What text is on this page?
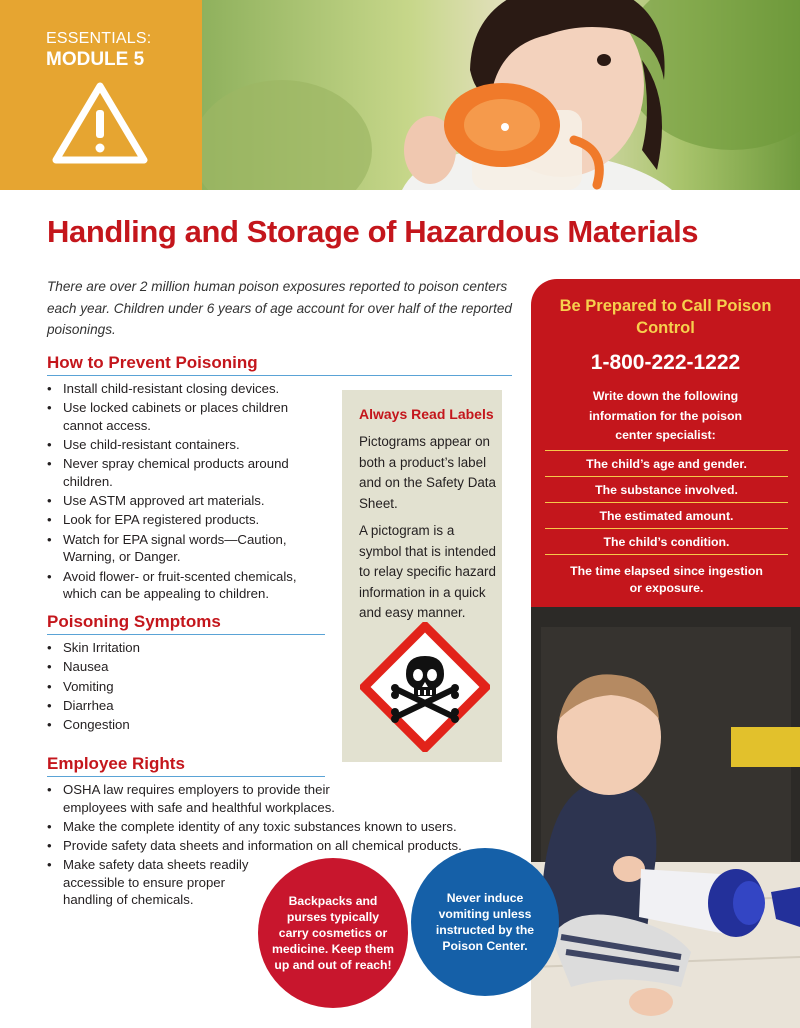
ESSENTIALS:
MODULE 5
Handling and Storage of Hazardous Materials

There are over 2 million human poison exposures reported to poison centers each year. Children under 6 years of age account for over half of the reported poisonings.

How to Prevent Poisoning
• Install child-resistant closing devices.
• Use locked cabinets or places children cannot access.
• Use child-resistant containers.
• Never spray chemical products around children.
• Use ASTM approved art materials.
• Look for EPA registered products.
• Watch for EPA signal words—Caution, Warning, or Danger.
• Avoid flower- or fruit-scented chemicals, which can be appealing to children.
Poisoning Symptoms
• Skin Irritation
• Nausea
• Vomiting
• Diarrhea
• Congestion
Employee Rights
• OSHA law requires employers to provide their employees with safe and healthful workplaces.
• Make the complete identity of any toxic substances known to users.
• Provide safety data sheets and information on all chemical products.
• Make safety data sheets readily accessible to ensure proper handling of chemicals.
Always Read Labels

Pictograms appear on both a product’s label and on the Safety Data Sheet.

A pictogram is a symbol that is intended to relay specific hazard information in a quick and easy manner.

Be Prepared to Call Poison Control
1-800-222-1222
Write down the following information for the poison center specialist:
The child’s age and gender.
The substance involved.
The estimated amount.
The child’s condition.
The time elapsed since ingestion or exposure.
Backpacks and purses typically carry cosmetics or medicine. Keep them up and out of reach!
Never induce vomiting unless instructed by the Poison Center.
